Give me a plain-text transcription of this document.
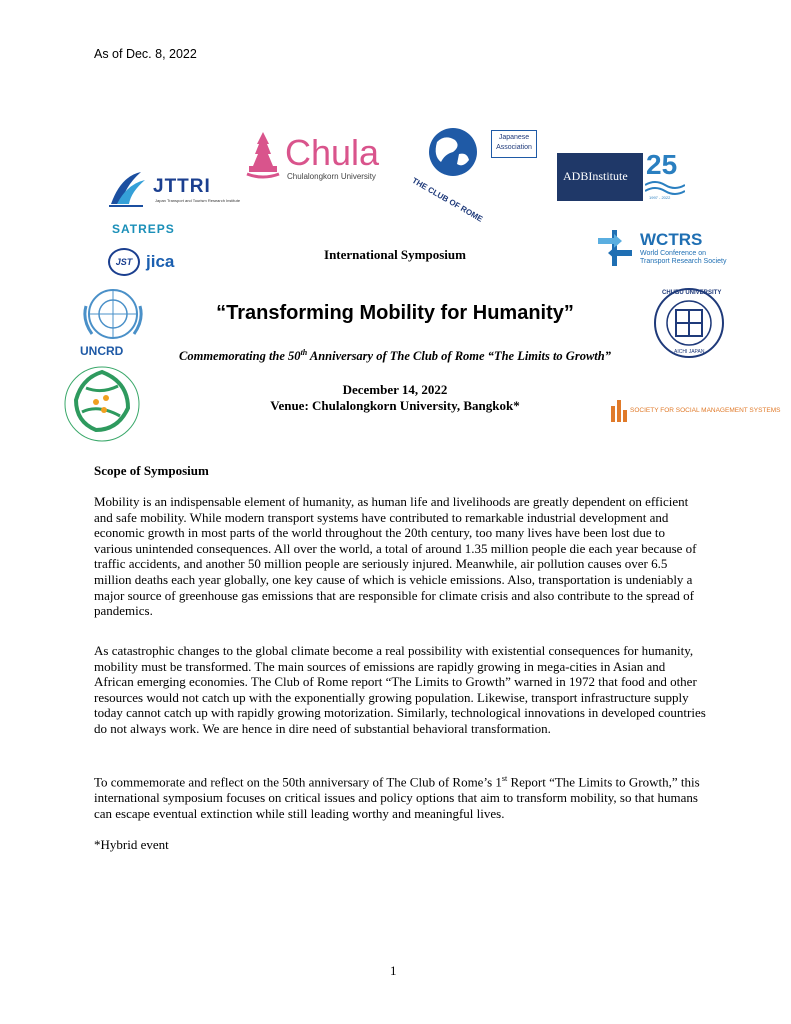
As of Dec. 8, 2022
JTTRI
Japan Transport and Tourism Research Institute
Chula
Chulalongkorn University	THE CLUB OF ROME
Japanese Association
ADBInstitute 25
1997 - 2022
SATREPS
JST jica
WCTRS
World Conference on
Transport Research Society
UNCRD
CHUBU UNIVERSITY
AICHI JAPAN
SOCIETY FOR SOCIAL MANAGEMENT SYSTEMS
International Symposium
“Transforming Mobility for Humanity”
Commemorating the 50th Anniversary of The Club of Rome “The Limits to Growth”
December 14, 2022
Venue: Chulalongkorn University, Bangkok*
Scope of Symposium
Mobility is an indispensable element of humanity, as human life and livelihoods are greatly dependent on efficient and safe mobility. While modern transport systems have contributed to remarkable industrial development and economic growth in most parts of the world throughout the 20th century, too many lives have been lost due to various unintended consequences. All over the world, a total of around 1.35 million people die each year because of traffic accidents, and another 50 million people are seriously injured. Meanwhile, air pollution causes over 6.5 million deaths each year globally, one key cause of which is vehicle emissions. Also, transportation is undeniably a major source of greenhouse gas emissions that are responsible for climate crisis and also contribute to the spread of pandemics.
As catastrophic changes to the global climate become a real possibility with existential consequences for humanity, mobility must be transformed. The main sources of emissions are rapidly growing in mega-cities in Asian and African emerging economies. The Club of Rome report “The Limits to Growth” warned in 1972 that food and other resources would not catch up with the exponentially growing population. Likewise, transport infrastructure supply today cannot catch up with rapidly growing motorization. Similarly, technological innovations in developed countries do not always work. We are hence in dire need of substantial behavioral transformation.
To commemorate and reflect on the 50th anniversary of The Club of Rome’s 1st Report “The Limits to Growth,” this international symposium focuses on critical issues and policy options that aim to transform mobility, so that humans can escape eventual extinction while still leading worthy and meaningful lives.
*Hybrid event
1
